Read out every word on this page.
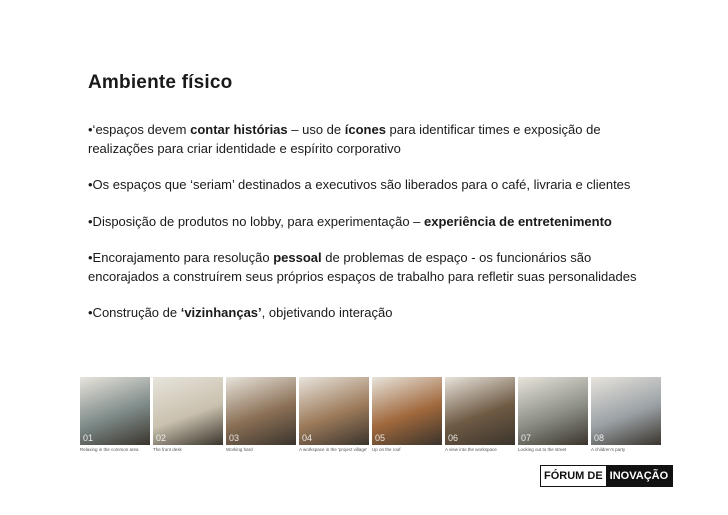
Ambiente físico

•‘espaços devem contar histórias – uso de ícones para identificar times e exposição de realizações para criar identidade e espírito corporativo

•Os espaços que ‘seriam’ destinados a executivos são liberados para o café, livraria e clientes

•Disposição de produtos no lobby, para experimentação – experiência de entretenimento

•Encorajamento para resolução pessoal de problemas de espaço - os funcionários são encorajados a construírem seus próprios espaços de trabalho para refletir suas personalidades

•Construção de ‘vizinhanças’, objetivando interação

01
Relaxing in the common area
02
The front desk
03
Working hard
04
A workspace in the 'project village'
05
Up on the roof
06
A view into the workspace
07
Looking out to the street
08
A children's party
FÓRUM DE INOVAÇÃO
